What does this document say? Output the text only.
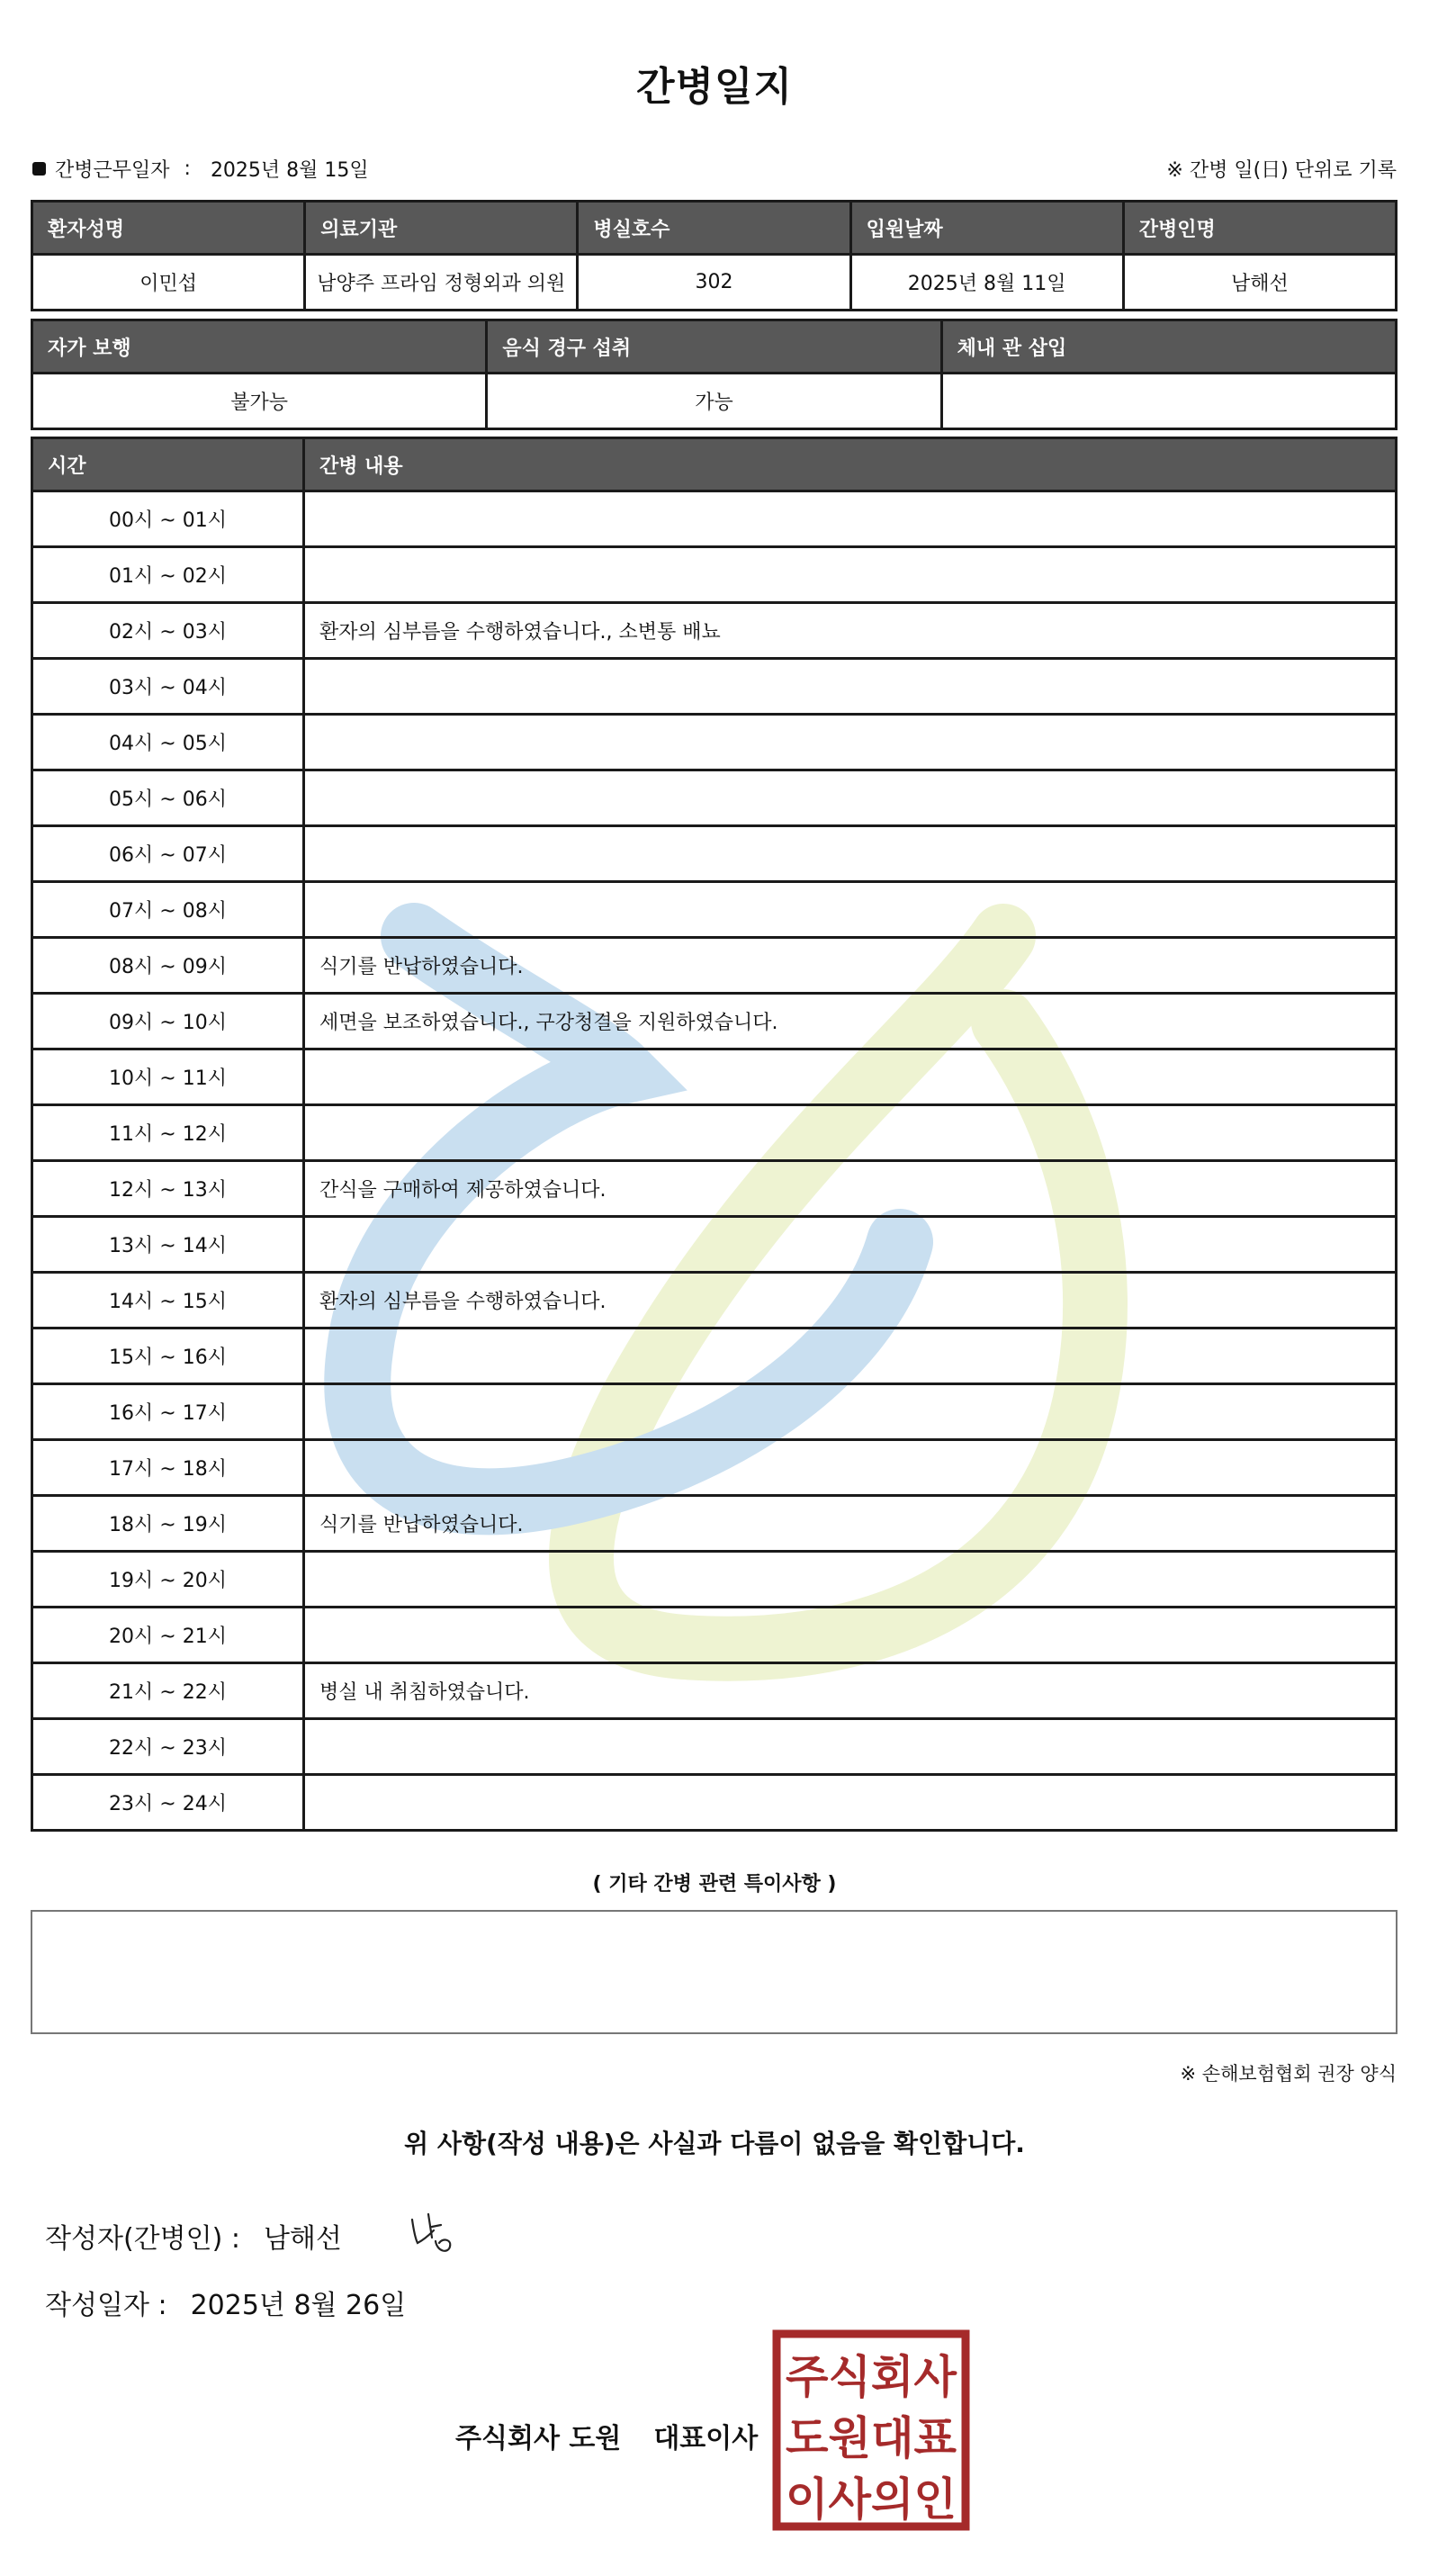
간병일지
간병근무일자 : 2025년 8월 15일	※ 간병 일(日) 단위로 기록
환자성명	의료기관	병실호수	입원날짜	간병인명
이민섭	남양주 프라임 정형외과 의원	302	2025년 8월 11일	남해선
자가 보행	음식 경구 섭취	체내 관 삽입
불가능	가능	
시간	간병 내용
00시 ~ 01시	
01시 ~ 02시	
02시 ~ 03시	환자의 심부름을 수행하였습니다., 소변통 배뇨
03시 ~ 04시	
04시 ~ 05시	
05시 ~ 06시	
06시 ~ 07시	
07시 ~ 08시	
08시 ~ 09시	식기를 반납하였습니다.
09시 ~ 10시	세면을 보조하였습니다., 구강청결을 지원하였습니다.
10시 ~ 11시	
11시 ~ 12시	
12시 ~ 13시	간식을 구매하여 제공하였습니다.
13시 ~ 14시	
14시 ~ 15시	환자의 심부름을 수행하였습니다.
15시 ~ 16시	
16시 ~ 17시	
17시 ~ 18시	
18시 ~ 19시	식기를 반납하였습니다.
19시 ~ 20시	
20시 ~ 21시	
21시 ~ 22시	병실 내 취침하였습니다.
22시 ~ 23시	
23시 ~ 24시	
( 기타 간병 관련 특이사항 )
※ 손해보험협회 권장 양식
위 사항(작성 내용)은 사실과 다름이 없음을 확인합니다.
작성자(간병인) : 남해선
작성일자 : 2025년 8월 26일
주식회사 도원 대표이사
주식회사
도원대표
이사의인
